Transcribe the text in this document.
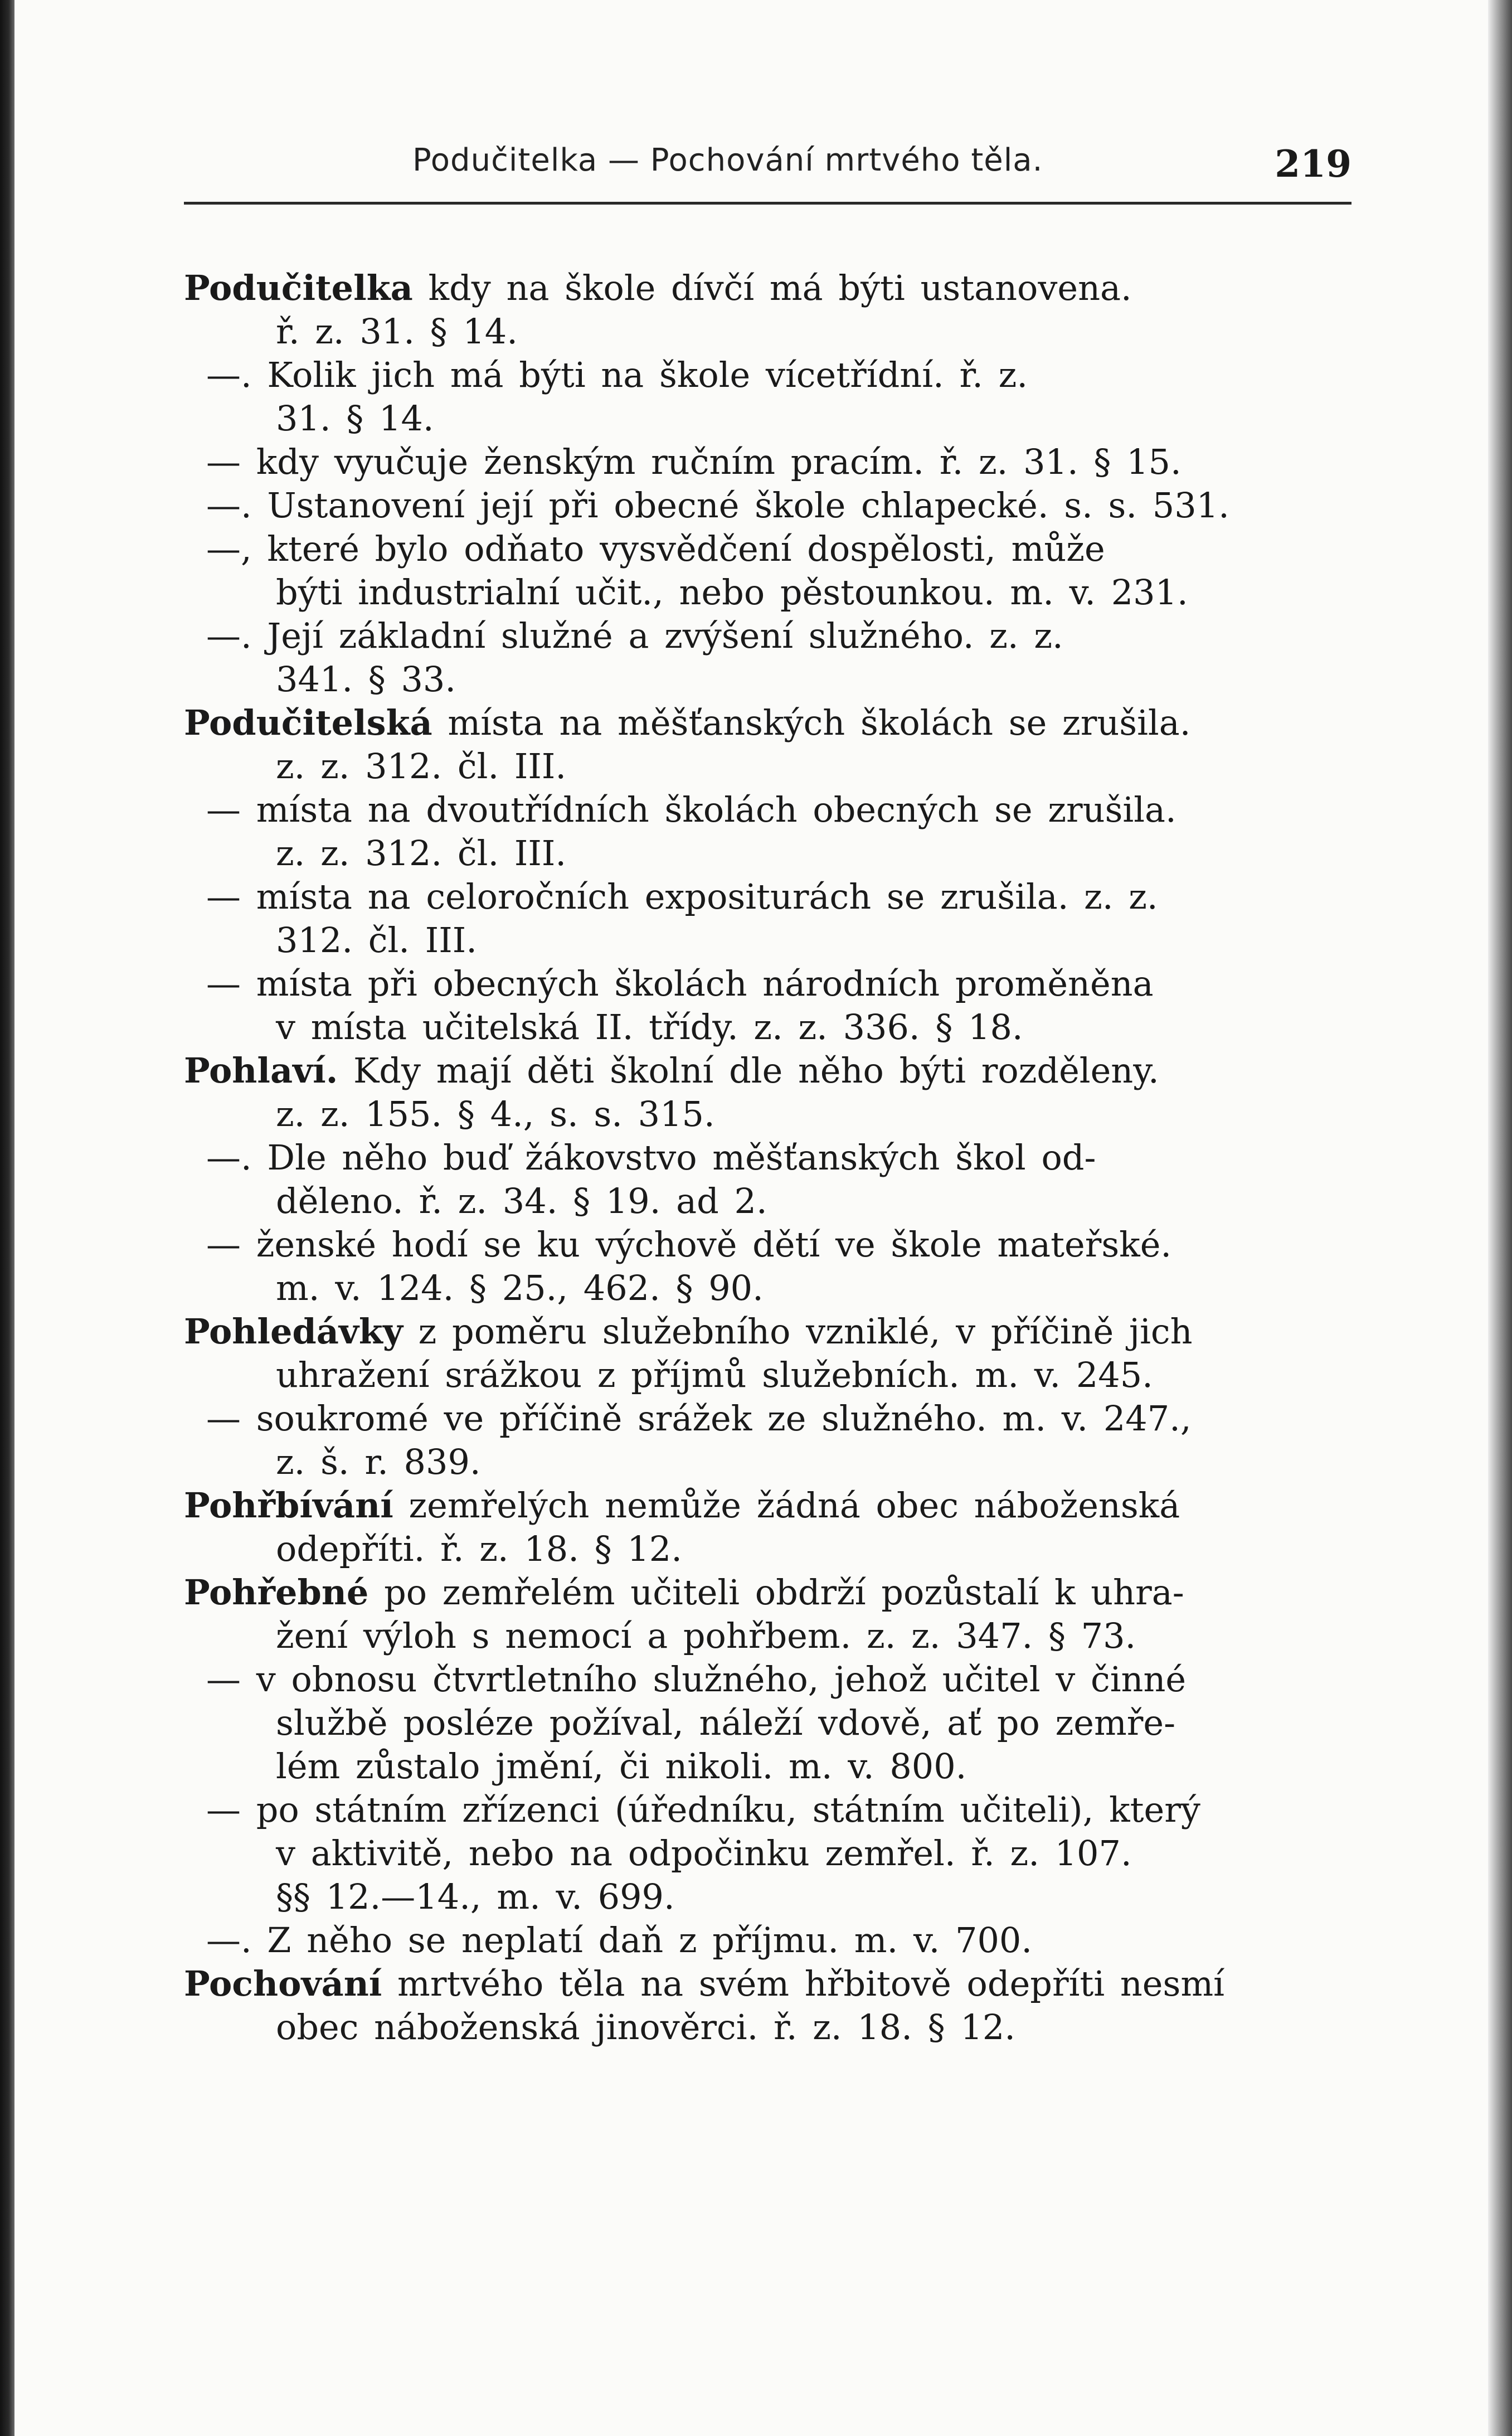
Podučitelka — Pochování mrtvého těla.	219
Podučitelka kdy na škole dívčí má býti ustanovena.
ř. z. 31. § 14.
—. Kolik jich má býti na škole vícetřídní. ř. z.
31. § 14.
— kdy vyučuje ženským ručním pracím. ř. z. 31. § 15.
—. Ustanovení její při obecné škole chlapecké. s. s. 531.
—, které bylo odňato vysvědčení dospělosti, může
býti industrialní učit., nebo pěstounkou. m. v. 231.
—. Její základní služné a zvýšení služného. z. z.
341. § 33.
Podučitelská místa na měšťanských školách se zrušila.
z. z. 312. čl. III.
— místa na dvoutřídních školách obecných se zrušila.
z. z. 312. čl. III.
— místa na celoročních expositurách se zrušila. z. z.
312. čl. III.
— místa při obecných školách národních proměněna
v místa učitelská II. třídy. z. z. 336. § 18.
Pohlaví. Kdy mají děti školní dle něho býti rozděleny.
z. z. 155. § 4., s. s. 315.
—. Dle něho buď žákovstvo měšťanských škol od-
děleno. ř. z. 34. § 19. ad 2.
— ženské hodí se ku výchově dětí ve škole mateřské.
m. v. 124. § 25., 462. § 90.
Pohledávky z poměru služebního vzniklé, v příčině jich
uhražení srážkou z příjmů služebních. m. v. 245.
— soukromé ve příčině srážek ze služného. m. v. 247.,
z. š. r. 839.
Pohřbívání zemřelých nemůže žádná obec náboženská
odepříti. ř. z. 18. § 12.
Pohřebné po zemřelém učiteli obdrží pozůstalí k uhra-
žení výloh s nemocí a pohřbem. z. z. 347. § 73.
— v obnosu čtvrtletního služného, jehož učitel v činné
službě posléze požíval, náleží vdově, ať po zemře-
lém zůstalo jmění, či nikoli. m. v. 800.
— po státním zřízenci (úředníku, státním učiteli), který
v aktivitě, nebo na odpočinku zemřel. ř. z. 107.
§§ 12.—14., m. v. 699.
—. Z něho se neplatí daň z příjmu. m. v. 700.
Pochování mrtvého těla na svém hřbitově odepříti nesmí
obec náboženská jinověrci. ř. z. 18. § 12.
